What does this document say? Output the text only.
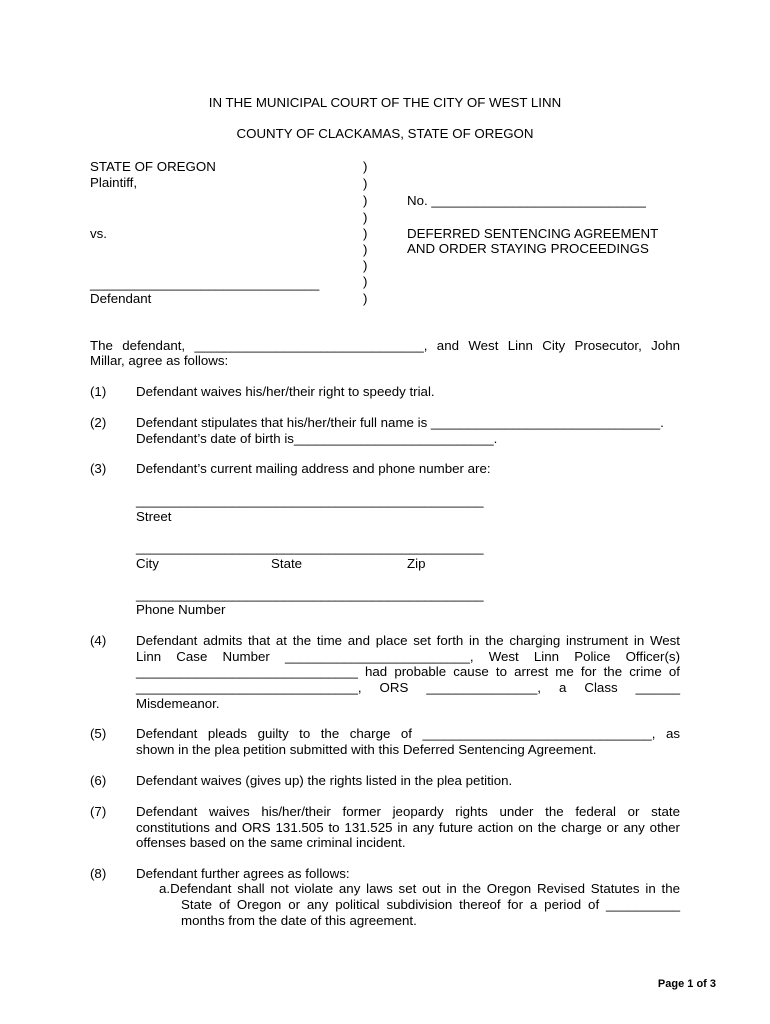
IN THE MUNICIPAL COURT OF THE CITY OF WEST LINN
COUNTY OF CLACKAMAS, STATE OF OREGON
STATE OF OREGON
Plaintiff,
vs.
_______________________________
Defendant
)
)
)
)
)
)
)
)
)
No. _____________________________
DEFERRED SENTENCING AGREEMENT
AND ORDER STAYING PROCEEDINGS
The defendant, _______________________________, and West Linn City Prosecutor, John
Millar, agree as follows:
(1) Defendant waives his/her/their right to speedy trial.
(2) Defendant stipulates that his/her/their full name is _______________________________.
Defendant’s date of birth is___________________________.
(3) Defendant’s current mailing address and phone number are:
_______________________________________________
Street
_______________________________________________
City	State	Zip
_______________________________________________
Phone Number
(4) Defendant admits that at the time and place set forth in the charging instrument in West
Linn Case Number _________________________, West Linn Police Officer(s)
______________________________ had probable cause to arrest me for the crime of
______________________________, ORS _______________, a Class ______
Misdemeanor.
(5) Defendant pleads guilty to the charge of _______________________________, as
shown in the plea petition submitted with this Deferred Sentencing Agreement.
(6) Defendant waives (gives up) the rights listed in the plea petition.
(7) Defendant waives his/her/their former jeopardy rights under the federal or state
constitutions and ORS 131.505 to 131.525 in any future action on the charge or any other
offenses based on the same criminal incident.
(8) Defendant further agrees as follows:
a.Defendant shall not violate any laws set out in the Oregon Revised Statutes in the
State of Oregon or any political subdivision thereof for a period of __________
months from the date of this agreement.
Page 1 of 3
